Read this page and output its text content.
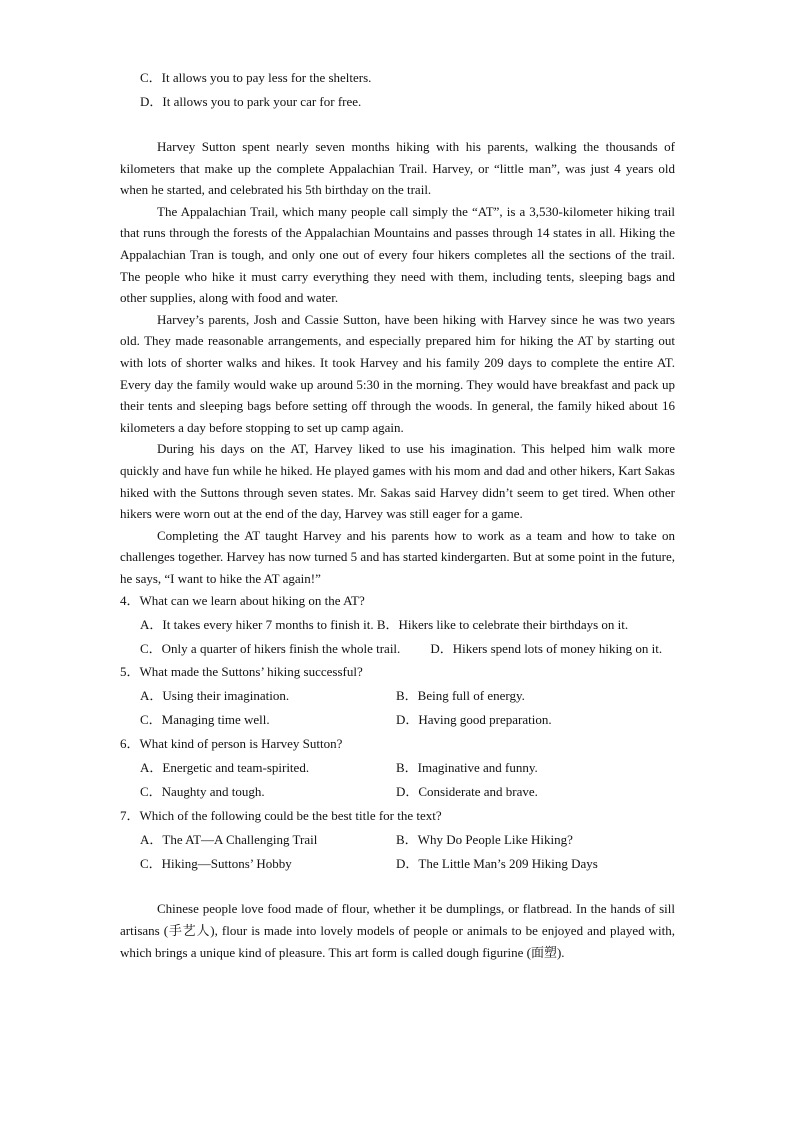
C．It allows you to pay less for the shelters.
D．It allows you to park your car for free.

Harvey Sutton spent nearly seven months hiking with his parents, walking the thousands of kilometers that make up the complete Appalachian Trail. Harvey, or “little man”, was just 4 years old when he started, and celebrated his 5th birthday on the trail.

The Appalachian Trail, which many people call simply the “AT”, is a 3,530-kilometer hiking trail that runs through the forests of the Appalachian Mountains and passes through 14 states in all. Hiking the Appalachian Tran is tough, and only one out of every four hikers completes all the sections of the trail. The people who hike it must carry everything they need with them, including tents, sleeping bags and other supplies, along with food and water.

Harvey’s parents, Josh and Cassie Sutton, have been hiking with Harvey since he was two years old. They made reasonable arrangements, and especially prepared him for hiking the AT by starting out with lots of shorter walks and hikes. It took Harvey and his family 209 days to complete the entire AT. Every day the family would wake up around 5:30 in the morning. They would have breakfast and pack up their tents and sleeping bags before setting off through the woods. In general, the family hiked about 16 kilometers a day before stopping to set up camp again.

During his days on the AT, Harvey liked to use his imagination. This helped him walk more quickly and have fun while he hiked. He played games with his mom and dad and other hikers, Kart Sakas hiked with the Suttons through seven states. Mr. Sakas said Harvey didn’t seem to get tired. When other hikers were worn out at the end of the day, Harvey was still eager for a game.

Completing the AT taught Harvey and his parents how to work as a team and how to take on challenges together. Harvey has now turned 5 and has started kindergarten. But at some point in the future, he says, “I want to hike the AT again!”

4．What can we learn about hiking on the AT?
A．It takes every hiker 7 months to finish it. B．Hikers like to celebrate their birthdays on it.
C．Only a quarter of hikers finish the whole trail. D．Hikers spend lots of money hiking on it.
5．What made the Suttons’ hiking successful?
A．Using their imagination.	B．Being full of energy.
C．Managing time well.	D．Having good preparation.
6．What kind of person is Harvey Sutton?
A．Energetic and team-spirited.	B．Imaginative and funny.
C．Naughty and tough.	D．Considerate and brave.
7．Which of the following could be the best title for the text?
A．The AT—A Challenging Trail	B．Why Do People Like Hiking?
C．Hiking—Suttons’ Hobby	D．The Little Man’s 209 Hiking Days

Chinese people love food made of flour, whether it be dumplings, or flatbread. In the hands of sill artisans (手艺人), flour is made into lovely models of people or animals to be enjoyed and played with, which brings a unique kind of pleasure. This art form is called dough figurine (面塑).
